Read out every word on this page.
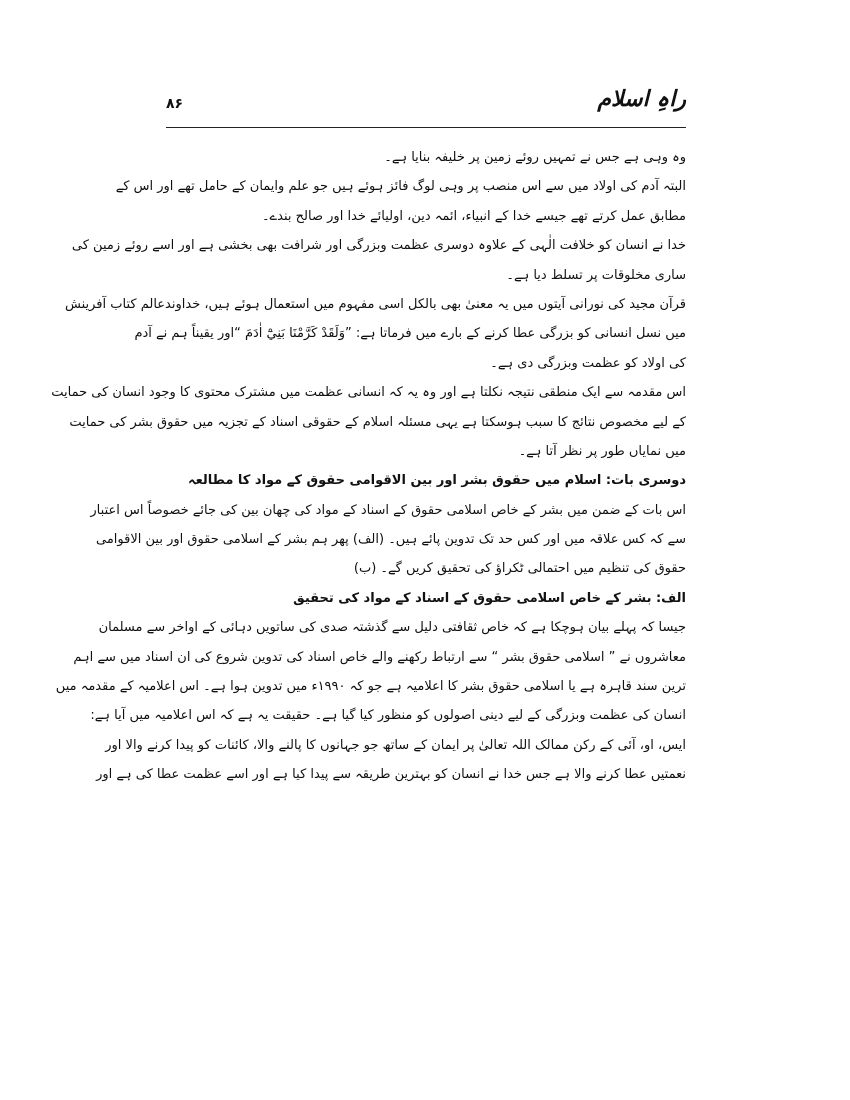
راہِ اسلام
۸۶
وہ وہی ہے جس نے تمہیں روئے زمین پر خلیفہ بنایا ہے۔
البتہ آدم کی اولاد میں سے اس منصب پر وہی لوگ فائز ہوئے ہیں جو علم وایمان کے حامل تھے اور اس کے
مطابق عمل کرتے تھے جیسے خدا کے انبیاء، ائمہ دین، اولیائے خدا اور صالح بندے۔
خدا نے انسان کو خلافت الٰہی کے علاوہ دوسری عظمت وبزرگی اور شرافت بھی بخشی ہے اور اسے روئے زمین کی
ساری مخلوقات پر تسلط دیا ہے۔
قرآن مجید کی نورانی آیتوں میں یہ معنیٰ بھی بالکل اسی مفہوم میں استعمال ہوئے ہیں، خداوندعالم کتاب آفرینش
میں نسل انسانی کو بزرگی عطا کرنے کے بارے میں فرماتا ہے: ”وَلَقَدْ كَرَّمْنَا بَنِيْٓ اٰدَمَ “اور یقیناً ہم نے آدم
کی اولاد کو عظمت وبزرگی دی ہے۔
اس مقدمہ سے ایک منطقی نتیجہ نکلتا ہے اور وہ یہ کہ انسانی عظمت میں مشترک محتوی کا وجود انسان کی حمایت
کے لیے مخصوص نتائج کا سبب ہوسکتا ہے یہی مسئلہ اسلام کے حقوقی اسناد کے تجزیہ میں حقوق بشر کی حمایت
میں نمایاں طور پر نظر آتا ہے۔
دوسری بات: اسلام میں حقوق بشر اور بین الاقوامی حقوق کے مواد کا مطالعہ
اس بات کے ضمن میں بشر کے خاص اسلامی حقوق کے اسناد کے مواد کی چھان بین کی جائے خصوصاً اس اعتبار
سے کہ کس علاقہ میں اور کس حد تک تدوین پائے ہیں۔ (الف) پھر ہم بشر کے اسلامی حقوق اور بین الاقوامی
حقوق کی تنظیم میں احتمالی ٹکراؤ کی تحقیق کریں گے۔ (ب)
الف: بشر کے خاص اسلامی حقوق کے اسناد کے مواد کی تحقیق
جیسا کہ پہلے بیان ہوچکا ہے کہ خاص ثقافتی دلیل سے گذشتہ صدی کی ساتویں دہائی کے اواخر سے مسلمان
معاشروں نے ” اسلامی حقوق بشر “ سے ارتباط رکھنے والے خاص اسناد کی تدوین شروع کی ان اسناد میں سے اہم
ترین سند قاہرہ ہے یا اسلامی حقوق بشر کا اعلامیہ ہے جو کہ ۱۹۹۰ء میں تدوین ہوا ہے۔ اس اعلامیہ کے مقدمہ میں
انسان کی عظمت وبزرگی کے لیے دینی اصولوں کو منظور کیا گیا ہے۔ حقیقت یہ ہے کہ اس اعلامیہ میں آیا ہے:
ایس، او، آئی کے رکن ممالک اللہ تعالیٰ پر ایمان کے ساتھ جو جہانوں کا پالنے والا، کائنات کو پیدا کرنے والا اور
نعمتیں عطا کرنے والا ہے جس خدا نے انسان کو بہترین طریقہ سے پیدا کیا ہے اور اسے عظمت عطا کی ہے اور
